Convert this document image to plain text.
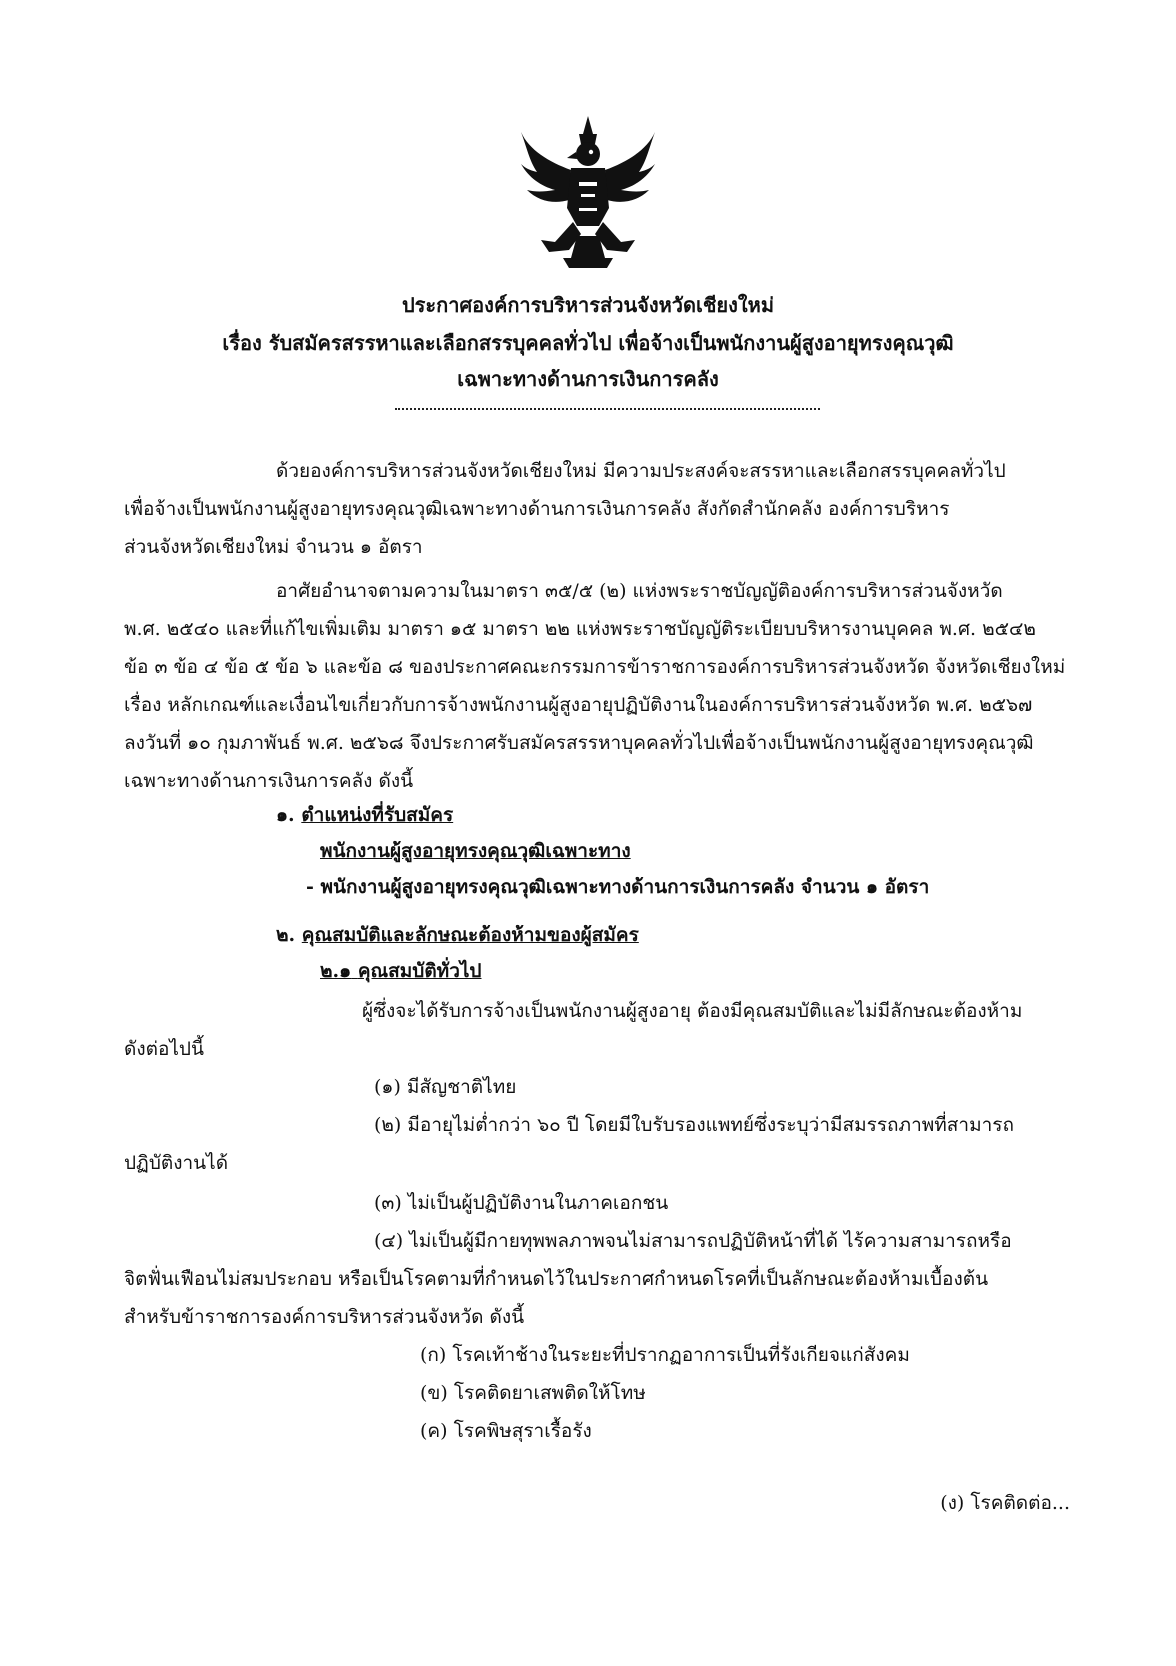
ประกาศองค์การบริหารส่วนจังหวัดเชียงใหม่
เรื่อง รับสมัครสรรหาและเลือกสรรบุคคลทั่วไป เพื่อจ้างเป็นพนักงานผู้สูงอายุทรงคุณวุฒิ
เฉพาะทางด้านการเงินการคลัง
ด้วยองค์การบริหารส่วนจังหวัดเชียงใหม่ มีความประสงค์จะสรรหาและเลือกสรรบุคคลทั่วไป
เพื่อจ้างเป็นพนักงานผู้สูงอายุทรงคุณวุฒิเฉพาะทางด้านการเงินการคลัง สังกัดสำนักคลัง องค์การบริหาร
ส่วนจังหวัดเชียงใหม่ จำนวน ๑ อัตรา
อาศัยอำนาจตามความในมาตรา ๓๕/๕ (๒) แห่งพระราชบัญญัติองค์การบริหารส่วนจังหวัด
พ.ศ. ๒๕๔๐ และที่แก้ไขเพิ่มเติม มาตรา ๑๕ มาตรา ๒๒ แห่งพระราชบัญญัติระเบียบบริหารงานบุคคล พ.ศ. ๒๕๔๒
ข้อ ๓ ข้อ ๔ ข้อ ๕ ข้อ ๖ และข้อ ๘ ของประกาศคณะกรรมการข้าราชการองค์การบริหารส่วนจังหวัด จังหวัดเชียงใหม่
เรื่อง หลักเกณฑ์และเงื่อนไขเกี่ยวกับการจ้างพนักงานผู้สูงอายุปฏิบัติงานในองค์การบริหารส่วนจังหวัด พ.ศ. ๒๕๖๗
ลงวันที่ ๑๐ กุมภาพันธ์ พ.ศ. ๒๕๖๘ จึงประกาศรับสมัครสรรหาบุคคลทั่วไปเพื่อจ้างเป็นพนักงานผู้สูงอายุทรงคุณวุฒิ
เฉพาะทางด้านการเงินการคลัง ดังนี้
๑. ตำแหน่งที่รับสมัคร
พนักงานผู้สูงอายุทรงคุณวุฒิเฉพาะทาง
- พนักงานผู้สูงอายุทรงคุณวุฒิเฉพาะทางด้านการเงินการคลัง จำนวน ๑ อัตรา
๒. คุณสมบัติและลักษณะต้องห้ามของผู้สมัคร
๒.๑ คุณสมบัติทั่วไป
ผู้ซึ่งจะได้รับการจ้างเป็นพนักงานผู้สูงอายุ ต้องมีคุณสมบัติและไม่มีลักษณะต้องห้าม
ดังต่อไปนี้
(๑) มีสัญชาติไทย
(๒) มีอายุไม่ต่ำกว่า ๖๐ ปี โดยมีใบรับรองแพทย์ซึ่งระบุว่ามีสมรรถภาพที่สามารถ
ปฏิบัติงานได้
(๓) ไม่เป็นผู้ปฏิบัติงานในภาคเอกชน
(๔) ไม่เป็นผู้มีกายทุพพลภาพจนไม่สามารถปฏิบัติหน้าที่ได้ ไร้ความสามารถหรือ
จิตฟั่นเฟือนไม่สมประกอบ หรือเป็นโรคตามที่กำหนดไว้ในประกาศกำหนดโรคที่เป็นลักษณะต้องห้ามเบื้องต้น
สำหรับข้าราชการองค์การบริหารส่วนจังหวัด ดังนี้
(ก) โรคเท้าช้างในระยะที่ปรากฏอาการเป็นที่รังเกียจแก่สังคม
(ข) โรคติดยาเสพติดให้โทษ
(ค) โรคพิษสุราเรื้อรัง
(ง) โรคติดต่อ...
